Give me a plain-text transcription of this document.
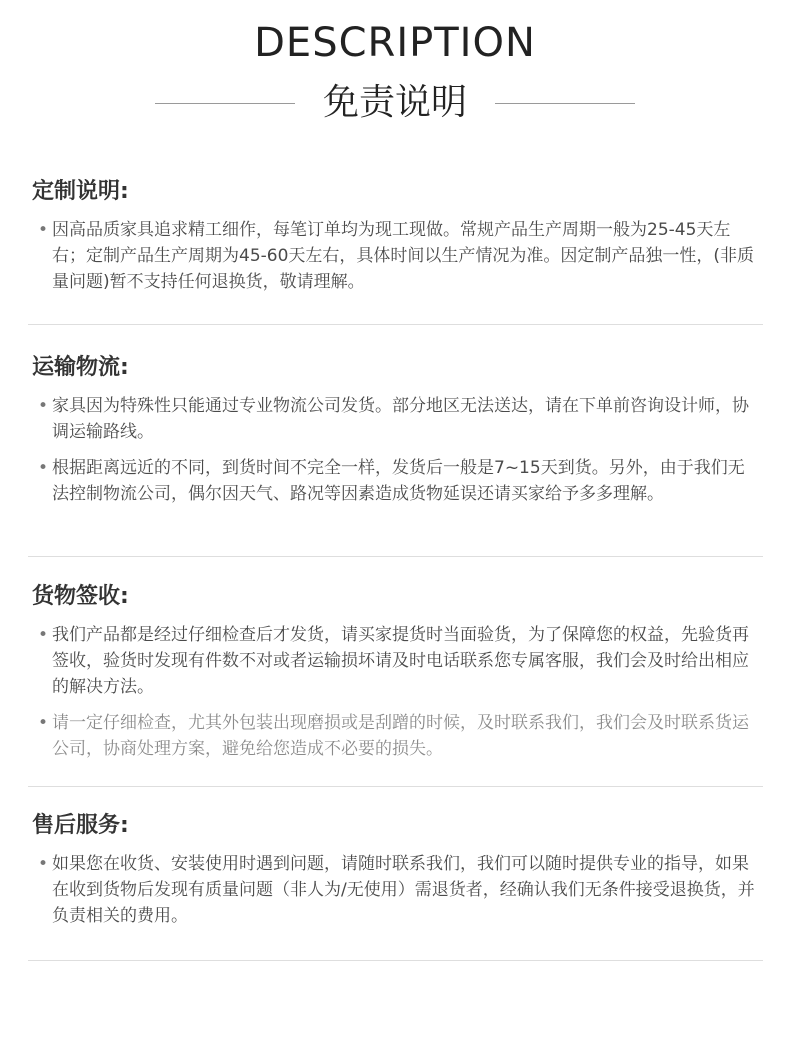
DESCRIPTION
免责说明
定制说明:
• 因高品质家具追求精工细作，每笔订单均为现工现做。常规产品生产周期一般为25-45天左右；定制产品生产周期为45-60天左右，具体时间以生产情况为准。因定制产品独一性，(非质量问题)暂不支持任何退换货，敬请理解。
运输物流:
• 家具因为特殊性只能通过专业物流公司发货。部分地区无法送达，请在下单前咨询设计师，协调运输路线。
• 根据距离远近的不同，到货时间不完全一样，发货后一般是7~15天到货。另外，由于我们无法控制物流公司，偶尔因天气、路况等因素造成货物延误还请买家给予多多理解。
货物签收:
• 我们产品都是经过仔细检查后才发货，请买家提货时当面验货，为了保障您的权益，先验货再签收，验货时发现有件数不对或者运输损坏请及时电话联系您专属客服，我们会及时给出相应的解决方法。
• 请一定仔细检查，尤其外包装出现磨损或是刮蹭的时候，及时联系我们，我们会及时联系货运公司，协商处理方案，避免给您造成不必要的损失。
售后服务:
• 如果您在收货、安装使用时遇到问题，请随时联系我们，我们可以随时提供专业的指导，如果在收到货物后发现有质量问题（非人为/无使用）需退货者，经确认我们无条件接受退换货，并负责相关的费用。
